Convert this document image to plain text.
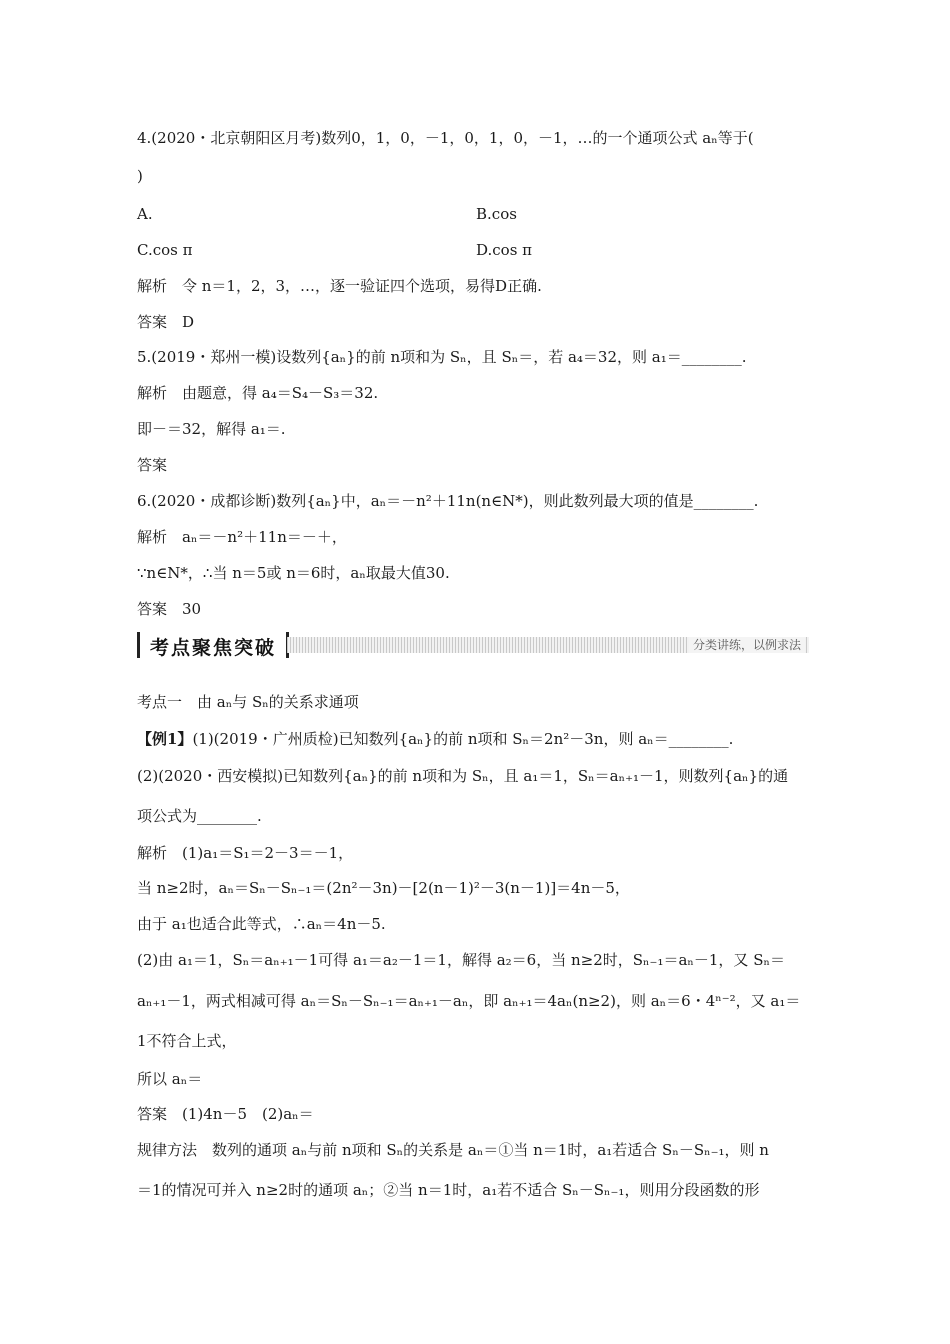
4.(2020・北京朝阳区月考)数列0，1，0，－1，0，1，0，－1，…的一个通项公式 aₙ等于(
)
A.	B.cos
C.cos π	D.cos π
解析　令 n＝1，2，3，…，逐一验证四个选项，易得D正确.
答案　D
5.(2019・郑州一模)设数列{aₙ}的前 n项和为 Sₙ，且 Sₙ＝，若 a₄＝32，则 a₁＝________.
解析　由题意，得 a₄＝S₄－S₃＝32.
即－＝32，解得 a₁＝.
答案
6.(2020・成都诊断)数列{aₙ}中，aₙ＝－n²＋11n(n∈N*)，则此数列最大项的值是________.
解析　aₙ＝－n²＋11n＝－＋，
∵n∈N*，∴当 n＝5或 n＝6时，aₙ取最大值30.
答案　30
考点聚焦突破	分类讲练，以例求法
考点一　由 aₙ与 Sₙ的关系求通项
【例1】(1)(2019・广州质检)已知数列{aₙ}的前 n项和 Sₙ＝2n²－3n，则 aₙ＝________.
(2)(2020・西安模拟)已知数列{aₙ}的前 n项和为 Sₙ，且 a₁＝1，Sₙ＝aₙ₊₁－1，则数列{aₙ}的通
项公式为________.
解析　(1)a₁＝S₁＝2－3＝－1，
当 n≥2时，aₙ＝Sₙ－Sₙ₋₁＝(2n²－3n)－[2(n－1)²－3(n－1)]＝4n－5，
由于 a₁也适合此等式，∴aₙ＝4n－5.
(2)由 a₁＝1，Sₙ＝aₙ₊₁－1可得 a₁＝a₂－1＝1，解得 a₂＝6，当 n≥2时，Sₙ₋₁＝aₙ－1，又 Sₙ＝
aₙ₊₁－1，两式相减可得 aₙ＝Sₙ－Sₙ₋₁＝aₙ₊₁－aₙ，即 aₙ₊₁＝4aₙ(n≥2)，则 aₙ＝6・4ⁿ⁻²，又 a₁＝
1不符合上式，
所以 aₙ＝
答案　(1)4n－5　(2)aₙ＝
规律方法　数列的通项 aₙ与前 n项和 Sₙ的关系是 aₙ＝①当 n＝1时，a₁若适合 Sₙ－Sₙ₋₁，则 n
＝1的情况可并入 n≥2时的通项 aₙ；②当 n＝1时，a₁若不适合 Sₙ－Sₙ₋₁，则用分段函数的形
